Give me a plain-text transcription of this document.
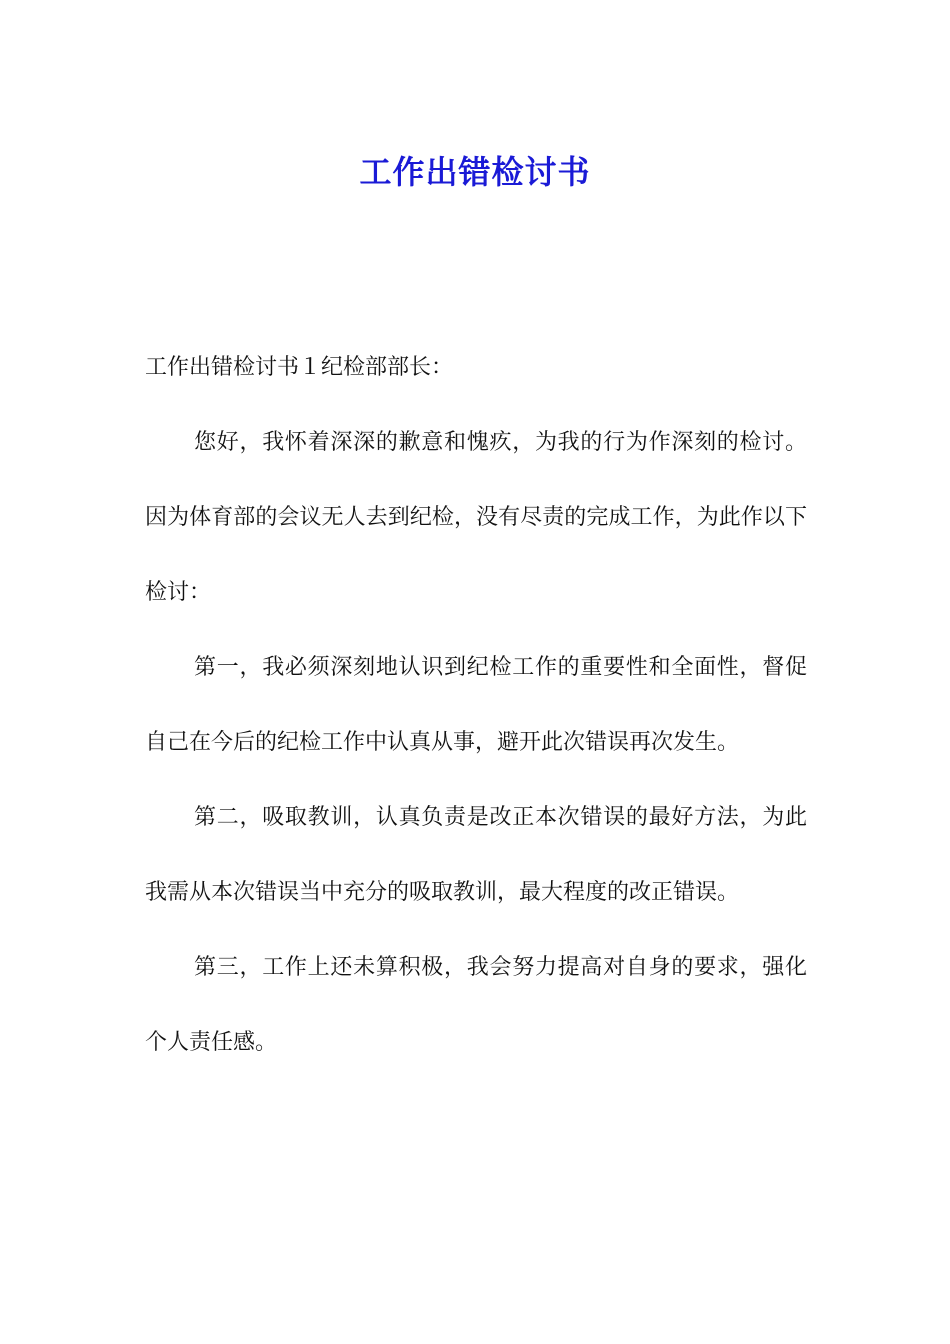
工作出错检讨书

工作出错检讨书１纪检部部长：

您好，我怀着深深的歉意和愧疚，为我的行为作深刻的检讨。因为体育部的会议无人去到纪检，没有尽责的完成工作，为此作以下检讨：

第一，我必须深刻地认识到纪检工作的重要性和全面性，督促自己在今后的纪检工作中认真从事，避开此次错误再次发生。

第二，吸取教训，认真负责是改正本次错误的最好方法，为此我需从本次错误当中充分的吸取教训，最大程度的改正错误。

第三，工作上还未算积极，我会努力提高对自身的要求，强化个人责任感。
